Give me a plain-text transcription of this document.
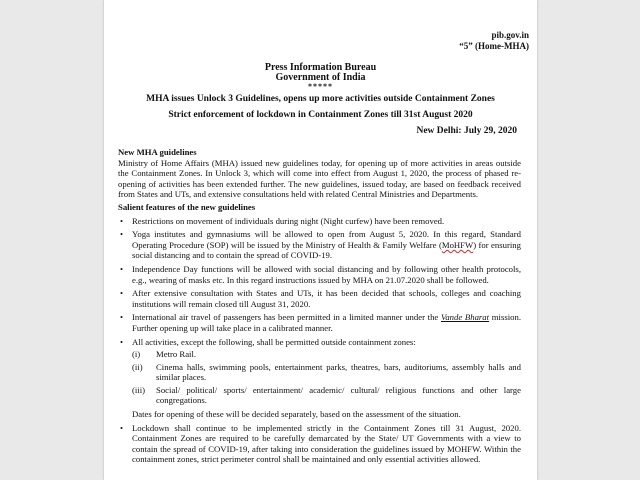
pib.gov.in
“5” (Home-MHA)
Press Information Bureau
Government of India
*****
MHA issues Unlock 3 Guidelines, opens up more activities outside Containment Zones
Strict enforcement of lockdown in Containment Zones till 31st August 2020
New Delhi: July 29, 2020

New MHA guidelines

Ministry of Home Affairs (MHA) issued new guidelines today, for opening up of more activities in areas outside the Containment Zones. In Unlock 3, which will come into effect from August 1, 2020, the process of phased re-opening of activities has been extended further. The new guidelines, issued today, are based on feedback received from States and UTs, and extensive consultations held with related Central Ministries and Departments.

Salient features of the new guidelines

• Restrictions on movement of individuals during night (Night curfew) have been removed.
• Yoga institutes and gymnasiums will be allowed to open from August 5, 2020. In this regard, Standard Operating Procedure (SOP) will be issued by the Ministry of Health & Family Welfare (MoHFW) for ensuring social distancing and to contain the spread of COVID-19.
• Independence Day functions will be allowed with social distancing and by following other health protocols, e.g., wearing of masks etc. In this regard instructions issued by MHA on 21.07.2020 shall be followed.
• After extensive consultation with States and UTs, it has been decided that schools, colleges and coaching institutions will remain closed till August 31, 2020.
• International air travel of passengers has been permitted in a limited manner under the Vande Bharat mission. Further opening up will take place in a calibrated manner.
• All activities, except the following, shall be permitted outside containment zones:
(i) Metro Rail.
(ii) Cinema halls, swimming pools, entertainment parks, theatres, bars, auditoriums, assembly halls and similar places.
(iii) Social/ political/ sports/ entertainment/ academic/ cultural/ religious functions and other large congregations.

Dates for opening of these will be decided separately, based on the assessment of the situation.

• Lockdown shall continue to be implemented strictly in the Containment Zones till 31 August, 2020. Containment Zones are required to be carefully demarcated by the State/ UT Governments with a view to contain the spread of COVID-19, after taking into consideration the guidelines issued by MOHFW. Within the containment zones, strict perimeter control shall be maintained and only essential activities allowed.
